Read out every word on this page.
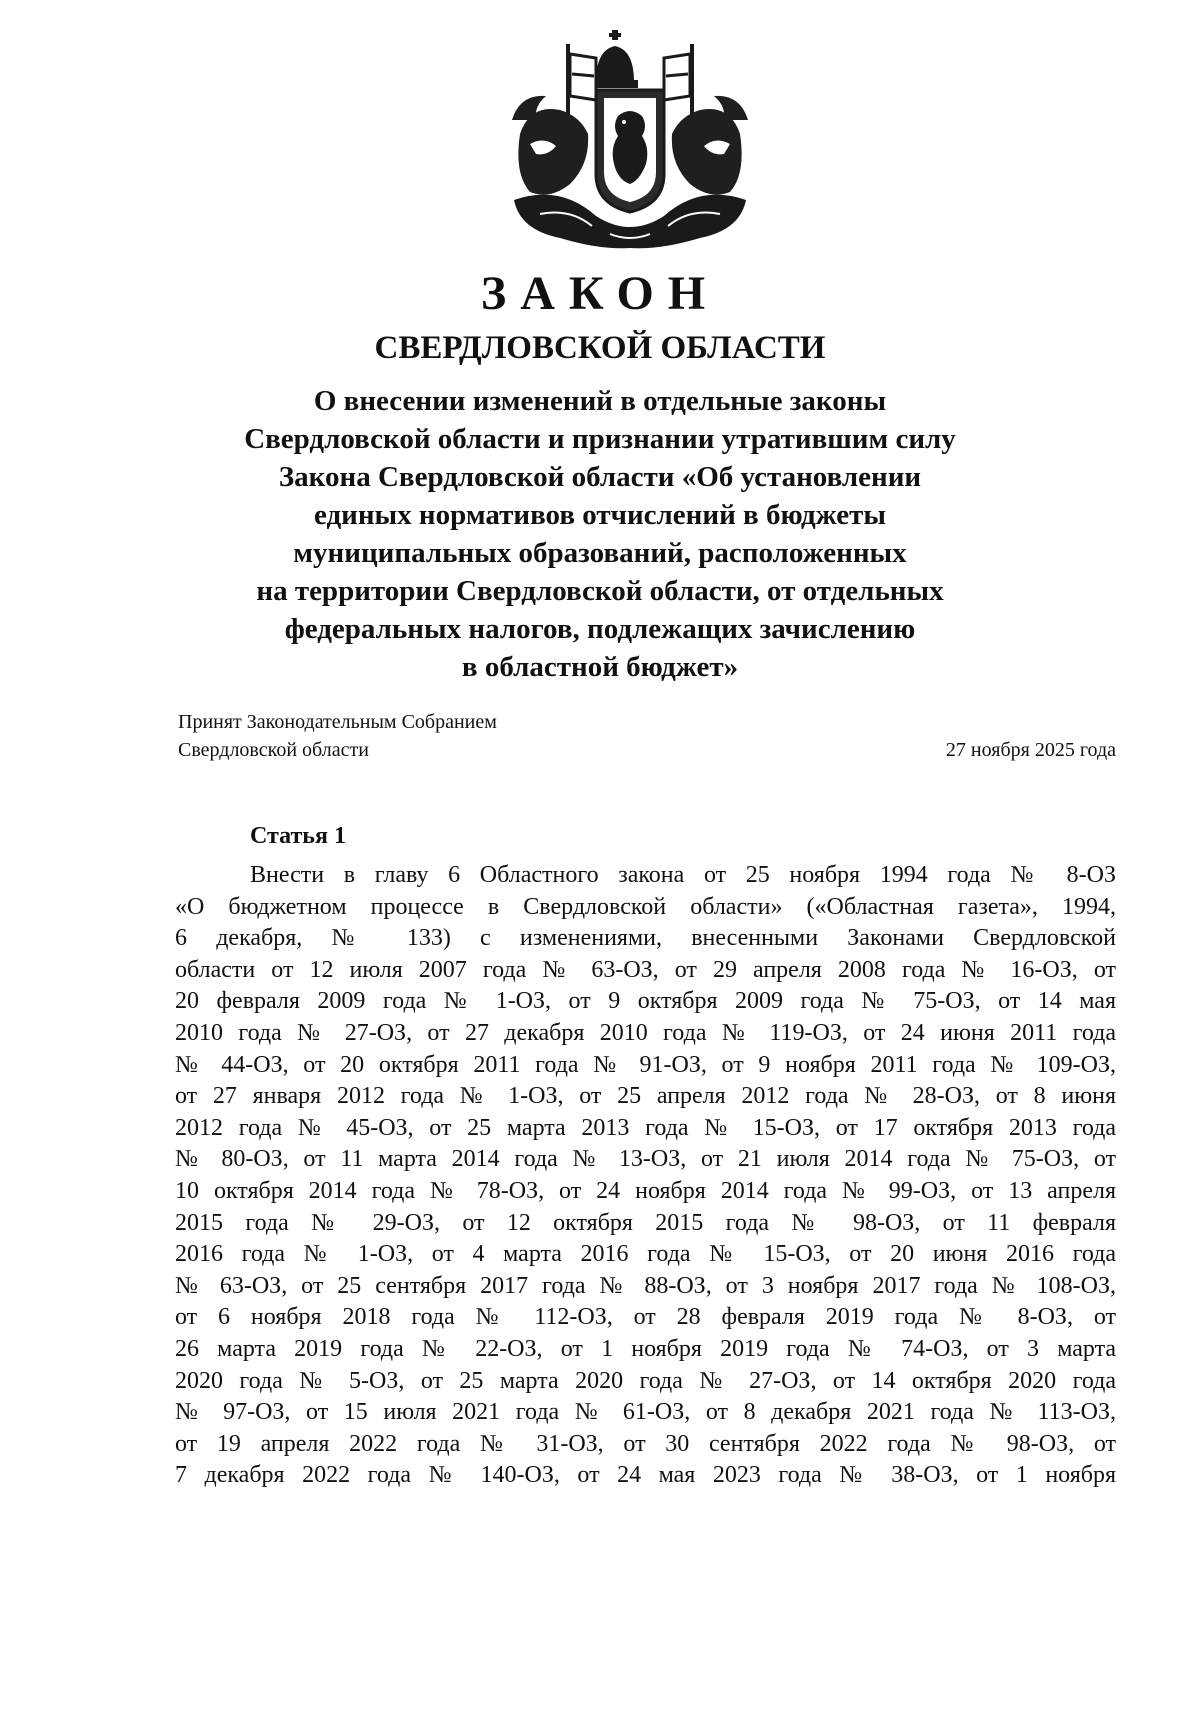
ЗАКОН
СВЕРДЛОВСКОЙ ОБЛАСТИ
О внесении изменений в отдельные законы
Свердловской области и признании утратившим силу
Закона Свердловской области «Об установлении
единых нормативов отчислений в бюджеты
муниципальных образований, расположенных
на территории Свердловской области, от отдельных
федеральных налогов, подлежащих зачислению
в областной бюджет»
Принят Законодательным Собранием
Свердловской области	27 ноября 2025 года
Статья 1
Внести в главу 6 Областного закона от 25 ноября 1994 года № 8-ОЗ
«О бюджетном процессе в Свердловской области» («Областная газета», 1994,
6 декабря, № 133) с изменениями, внесенными Законами Свердловской
области от 12 июля 2007 года № 63-ОЗ, от 29 апреля 2008 года № 16-ОЗ, от
20 февраля 2009 года № 1-ОЗ, от 9 октября 2009 года № 75-ОЗ, от 14 мая
2010 года № 27-ОЗ, от 27 декабря 2010 года № 119-ОЗ, от 24 июня 2011 года
№ 44-ОЗ, от 20 октября 2011 года № 91-ОЗ, от 9 ноября 2011 года № 109-ОЗ,
от 27 января 2012 года № 1-ОЗ, от 25 апреля 2012 года № 28-ОЗ, от 8 июня
2012 года № 45-ОЗ, от 25 марта 2013 года № 15-ОЗ, от 17 октября 2013 года
№ 80-ОЗ, от 11 марта 2014 года № 13-ОЗ, от 21 июля 2014 года № 75-ОЗ, от
10 октября 2014 года № 78-ОЗ, от 24 ноября 2014 года № 99-ОЗ, от 13 апреля
2015 года № 29-ОЗ, от 12 октября 2015 года № 98-ОЗ, от 11 февраля
2016 года № 1-ОЗ, от 4 марта 2016 года № 15-ОЗ, от 20 июня 2016 года
№ 63-ОЗ, от 25 сентября 2017 года № 88-ОЗ, от 3 ноября 2017 года № 108-ОЗ,
от 6 ноября 2018 года № 112-ОЗ, от 28 февраля 2019 года № 8-ОЗ, от
26 марта 2019 года № 22-ОЗ, от 1 ноября 2019 года № 74-ОЗ, от 3 марта
2020 года № 5-ОЗ, от 25 марта 2020 года № 27-ОЗ, от 14 октября 2020 года
№ 97-ОЗ, от 15 июля 2021 года № 61-ОЗ, от 8 декабря 2021 года № 113-ОЗ,
от 19 апреля 2022 года № 31-ОЗ, от 30 сентября 2022 года № 98-ОЗ, от
7 декабря 2022 года № 140-ОЗ, от 24 мая 2023 года № 38-ОЗ, от 1 ноября
